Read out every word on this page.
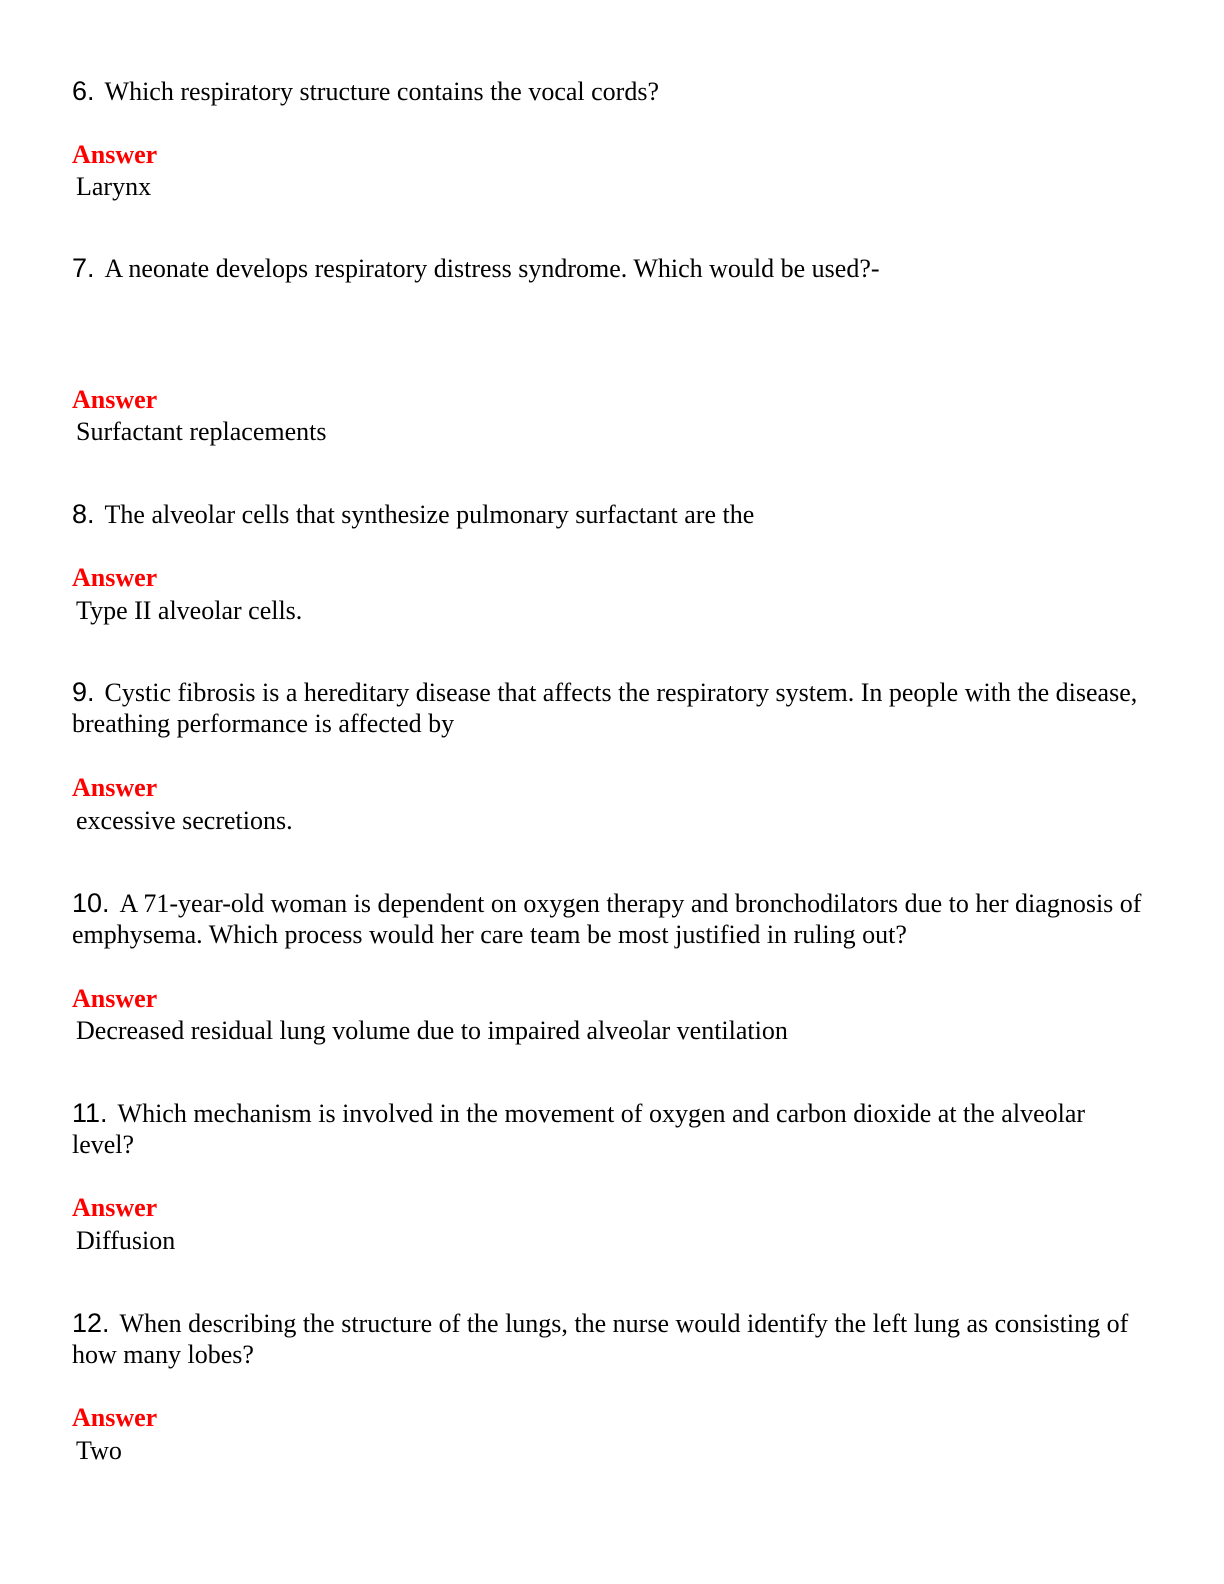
6. Which respiratory structure contains the vocal cords?

Answer
Larynx

7. A neonate develops respiratory distress syndrome. Which would be used?-

Answer
Surfactant replacements

8. The alveolar cells that synthesize pulmonary surfactant are the

Answer
Type II alveolar cells.

9. Cystic fibrosis is a hereditary disease that affects the respiratory system. In people with the disease, breathing performance is affected by

Answer
excessive secretions.

10. A 71-year-old woman is dependent on oxygen therapy and bronchodilators due to her diagnosis of emphysema. Which process would her care team be most justified in ruling out?

Answer
Decreased residual lung volume due to impaired alveolar ventilation

11. Which mechanism is involved in the movement of oxygen and carbon dioxide at the alveolar level?

Answer
Diffusion

12. When describing the structure of the lungs, the nurse would identify the left lung as consisting of how many lobes?

Answer
Two
